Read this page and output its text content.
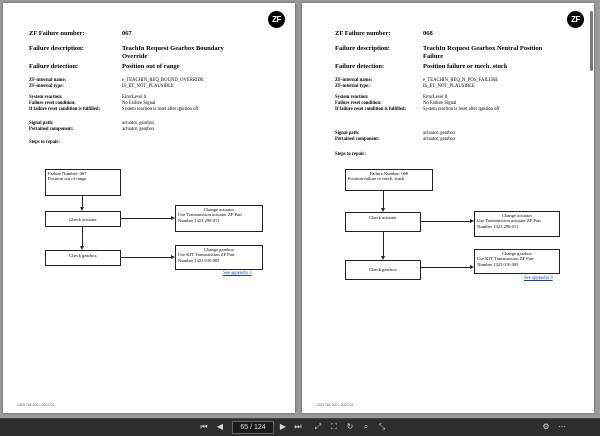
ZF
ZF Failure number:	067
Failure description:	TeachIn Request Gearbox Boundary
Override
Failure detection:	Position out of range
ZF-internal name:	e_TEACHIN_REQ_BOUND_OVERRIDE
ZF-internal type:	IS_ET_NOT_PLAUSIBLE
System reaction:	ErrorLevel 0
Failure reset condition:	No Failure Signal
If failure reset condition is fulfilled:	System reaction is reset after ignition off
Signal path:	actuator, gearbox
Pertained component:	actuator, gearbox
Steps to repair:
Failure Number: 067
Position out of range
Check actuator
Change actuator
Use Transmission actuator ZF Part
Number 1323 298 011
Check gearbox
Change gearbox
Use KIT Transmission ZF Part
Number 1323 010 005
See appendix 3
1323 764 100 • 2007-02
ZF
ZF Failure number:	068
Failure description:	TeachIn Request Gearbox Neutral Position
Failure
Failure detection:	Position failure or mech. stuck
ZF-internal name:	e_TEACHIN_REQ_N_POS_FAILURE
ZF-internal type:	IS_ET_NOT_PLAUSIBLE
System reaction:	ErrorLevel 0
Failure reset condition:	No Failure Signal
If failure reset condition is fulfilled:	System reaction is reset after ignition off
Signal path:	actuator, gearbox
Pertained component:	actuator, gearbox
Steps to repair:
Failure Number: 068
Position failure or mech. stuck
Check actuator	Change actuator
Use Transmission actuator ZF Part
Number 1323 298 011
Check gearbox
Change gearbox
Use KIT Transmission ZF Part
Number 1323 010 005
See appendix 3
1323 764 100 • 2007-02
⏮	◀	65 / 124	▶	⏭	⤢	⛶	↻	⌕	⤡	⚙	⋯
